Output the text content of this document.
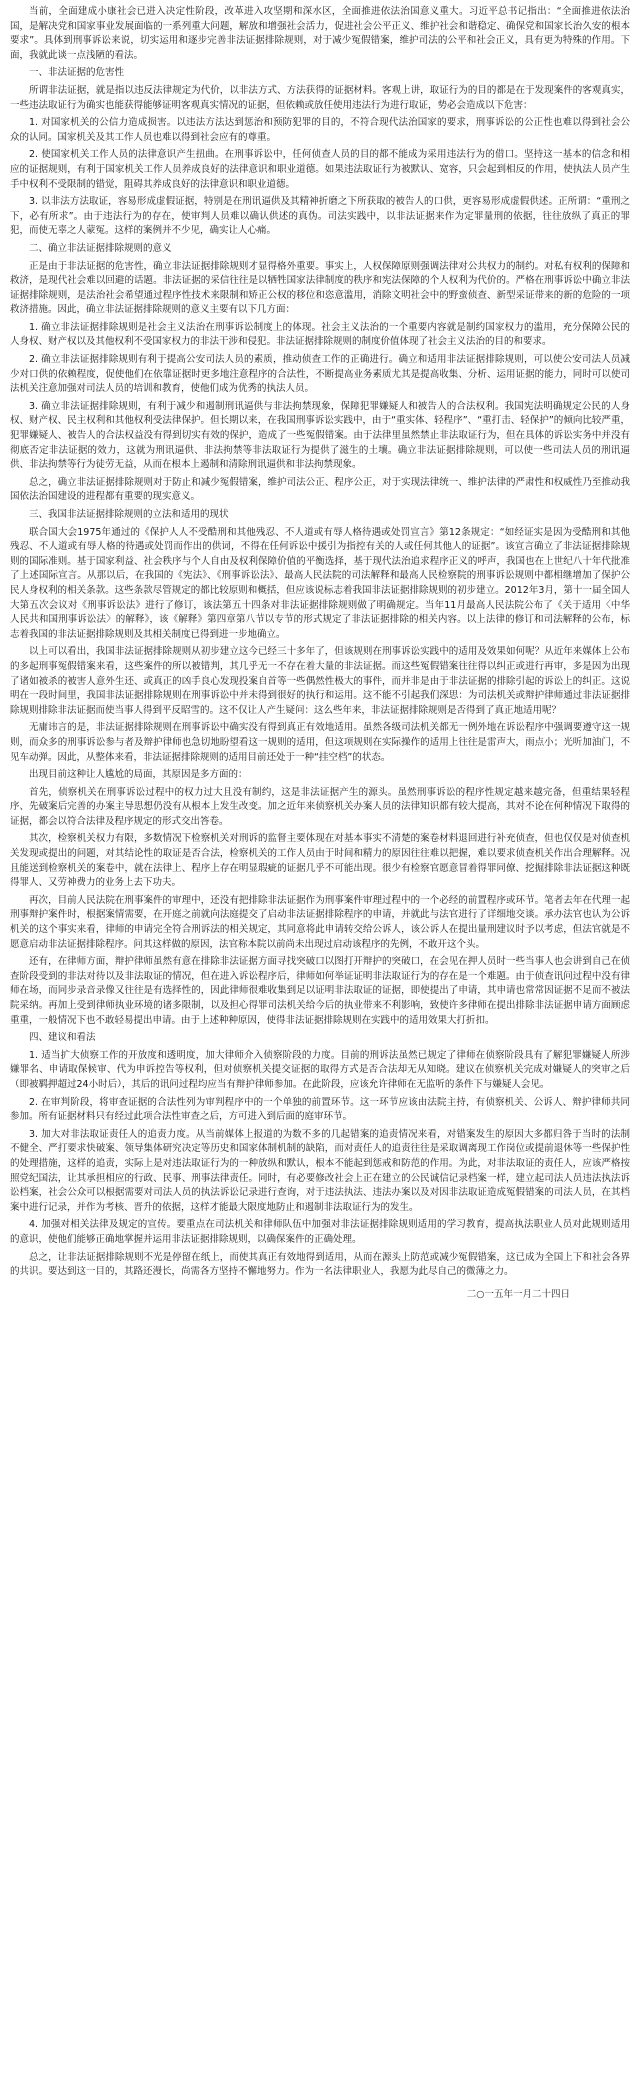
当前，全面建成小康社会已进入决定性阶段，改革进入攻坚期和深水区，全面推进依法治国意义重大。习近平总书记指出：“全面推进依法治国，是解决党和国家事业发展面临的一系列重大问题，解放和增强社会活力，促进社会公平正义、维护社会和谐稳定、确保党和国家长治久安的根本要求”。具体到刑事诉讼来说，切实运用和逐步完善非法证据排除规则，对于减少冤假错案，维护司法的公平和社会正义，具有更为特殊的作用。下面，我就此谈一点浅陋的看法。

一、非法证据的危害性

所谓非法证据，就是指以违反法律规定为代价，以非法方式、方法获得的证据材料。客观上讲，取证行为的目的都是在于发现案件的客观真实，一些违法取证行为确实也能获得能够证明客观真实情况的证据，但依赖或放任使用违法行为进行取证，势必会造成以下危害：

1. 对国家机关的公信力造成损害。以违法方法达到惩治和预防犯罪的目的，不符合现代法治国家的要求，刑事诉讼的公正性也难以得到社会公众的认同。国家机关及其工作人员也难以得到社会应有的尊重。

2. 使国家机关工作人员的法律意识产生扭曲。在刑事诉讼中，任何侦查人员的目的都不能成为采用违法行为的借口。坚持这一基本的信念和相应的证据规则，有利于国家机关工作人员养成良好的法律意识和职业道德。如果违法取证行为被默认、宽容，只会起到相反的作用，使执法人员产生手中权利不受限制的错觉，阻碍其养成良好的法律意识和职业道德。

3. 以非法方法取证，容易形成虚假证据，特别是在刑讯逼供及其精神折磨之下所获取的被告人的口供，更容易形成虚假供述。正所谓：“重刑之下，必有所求”。由于违法行为的存在，使审判人员难以确认供述的真伪。司法实践中，以非法证据来作为定罪量刑的依据，往往放纵了真正的罪犯，而使无辜之人蒙冤。这样的案例并不少见，确实让人心痛。

二、确立非法证据排除规则的意义

正是由于非法证据的危害性，确立非法证据排除规则才显得格外重要。事实上，人权保障原则强调法律对公共权力的制约。对私有权利的保障和救济，是现代社会难以回避的话题。非法证据的采信往往是以牺牲国家法律制度的秩序和宪法保障的个人权利为代价的。严格在刑事诉讼中确立非法证据排除规则，是法治社会希望通过程序性技术来限制和矫正公权的移位和恣意滥用，消除文明社会中的野蛮侦查、新型采证带来的新的危险的一项救济措施。因此，确立非法证据排除规则的意义主要有以下几方面：

1. 确立非法证据排除规则是社会主义法治在刑事诉讼制度上的体现。社会主义法治的一个重要内容就是制约国家权力的滥用，充分保障公民的人身权、财产权以及其他权利不受国家权力的非法干涉和侵犯。非法证据排除规则的制度价值体现了社会主义法治的目的和要求。

2. 确立非法证据排除规则有利于提高公安司法人员的素质，推动侦查工作的正确进行。确立和适用非法证据排除规则，可以使公安司法人员减少对口供的依赖程度，促使他们在依靠证据时更多地注意程序的合法性，不断提高业务素质尤其是提高收集、分析、运用证据的能力，同时可以使司法机关注意加强对司法人员的培训和教育，使他们成为优秀的执法人员。

3. 确立非法证据排除规则，有利于减少和遏制刑讯逼供与非法拘禁现象，保障犯罪嫌疑人和被告人的合法权利。我国宪法明确规定公民的人身权、财产权、民主权利和其他权利受法律保护。但长期以来，在我国刑事诉讼实践中，由于“重实体、轻程序”、“重打击、轻保护”的倾向比较严重，犯罪嫌疑人、被告人的合法权益没有得到切实有效的保护，造成了一些冤假错案。由于法律里虽然禁止非法取证行为，但在具体的诉讼实务中并没有彻底否定非法证据的效力，这就为刑讯逼供、非法拘禁等非法取证行为提供了滋生的土壤。确立非法证据排除规则，可以使一些司法人员的刑讯逼供、非法拘禁等行为徒劳无益，从而在根本上遏制和清除刑讯逼供和非法拘禁现象。

总之，确立非法证据排除规则对于防止和减少冤假错案，维护司法公正、程序公正，对于实现法律统一、维护法律的严肃性和权威性乃至推动我国依法治国建设的进程都有重要的现实意义。

三、我国非法证据排除规则的立法和适用的现状

联合国大会1975年通过的《保护人人不受酷刑和其他残忍、不人道或有辱人格待遇或处罚宣言》第12条规定：“如经证实是因为受酷刑和其他残忍、不人道或有辱人格的待遇或处罚而作出的供词，不得在任何诉讼中援引为指控有关的人或任何其他人的证据”。该宣言确立了非法证据排除规则的国际准则。基于国家利益、社会秩序与个人自由及权利保障价值的平衡选择，基于现代法治追求程序正义的呼声，我国也在上世纪八十年代批准了上述国际宣言。从那以后，在我国的《宪法》、《刑事诉讼法》、最高人民法院的司法解释和最高人民检察院的刑事诉讼规则中都相继增加了保护公民人身权利的相关条款。这些条款尽管规定的都比较原则和概括，但应该说标志着我国非法证据排除规则的初步建立。2012年3月，第十一届全国人大第五次会议对《刑事诉讼法》进行了修订，该法第五十四条对非法证据排除规则做了明确规定。当年11月最高人民法院公布了《关于适用〈中华人民共和国刑事诉讼法〉的解释》，该《解释》第四章第八节以专节的形式规定了非法证据排除的相关内容。以上法律的修订和司法解释的公布，标志着我国的非法证据排除规则及其相关制度已得到进一步地确立。

以上可以看出，我国非法证据排除规则从初步建立这今已经三十多年了，但该规则在刑事诉讼实践中的适用及效果如何呢？从近年来媒体上公布的多起刑事冤假错案来看，这些案件的所以被错判，其几乎无一不存在着大量的非法证据。而这些冤假错案往往得以纠正或进行再审，多是因为出现了诸如被杀的被害人意外生还、或真正的凶手良心发现投案自首等一些偶然性极大的事件，而并非是由于非法证据的排除引起的诉讼上的纠正。这说明在一段时间里，我国非法证据排除规则在刑事诉讼中并未得到很好的执行和运用。这不能不引起我们深思：为司法机关或辩护律师通过非法证据排除规则排除非法证据而使当事人得到平反昭雪的。这不仅让人产生疑问：这么些年来，非法证据排除规则是否得到了真正地适用呢？

无庸讳言的是，非法证据排除规则在刑事诉讼中确实没有得到真正有效地适用。虽然各级司法机关都无一例外地在诉讼程序中强调要遵守这一规则，而众多的刑事诉讼参与者及辩护律师也急切地盼望看这一规则的适用，但这项规则在实际操作的适用上往往是雷声大，雨点小；光听加油门，不见车动弹。因此，从整体来看，非法证据排除规则的适用目前还处于一种“挂空档”的状态。

出现目前这种让人尴尬的局面，其原因是多方面的：

首先，侦察机关在刑事诉讼过程中的权力过大且没有制约，这是非法证据产生的源头。虽然刑事诉讼的程序性规定越来越完备，但重结果轻程序、先破案后完善的办案主导思想仍没有从根本上发生改变。加之近年来侦察机关办案人员的法律知识都有较大提高，其对不论在何种情况下取得的证据，都会以符合法律及程序规定的形式交出答卷。

其次，检察机关权力有限，多数情况下检察机关对刑诉的监督主要体现在对基本事实不清楚的案卷材料退回进行补充侦查，但也仅仅是对侦查机关发现或提出的问题，对其结论性的取证是否合法，检察机关的工作人员由于时间和精力的原因往往难以把握，难以要求侦查机关作出合理解释。况且能送到检察机关的案卷中，就在法律上、程序上存在明显瑕疵的证据几乎不可能出现。很少有检察官愿意冒着得罪同僚、挖掘排除非法证据这种既得罪人、又劳神费力的业务上去下功夫。

再次，目前人民法院在刑事案件的审理中，还没有把排除非法证据作为刑事案件审理过程中的一个必经的前置程序或环节。笔者去年在代理一起刑事辩护案件时，根据案情需要，在开庭之前就向法庭提交了启动非法证据排除程序的申请，并就此与法官进行了详细地交谈。承办法官也认为公诉机关的这个事实来看，律师的申请完全符合刑诉法的相关规定，其同意将此申请转交给公诉人，该公诉人在提出量刑建议时予以考虑，但法官就是不愿意启动非法证据排除程序。问其这样做的原因，法官称本院以前尚未出现过启动该程序的先例，不敢开这个头。

还有，在律师方面，辩护律师虽然有意在排除非法证据方面寻找突破口以图打开辩护的突破口，在会见在押人员时一些当事人也会讲到自己在侦查阶段受到的非法对待以及非法取证的情况，但在进入诉讼程序后，律师如何举证证明非法取证行为的存在是一个难题。由于侦查讯问过程中没有律师在场，而同步录音录像又往往是有选择性的，因此律师很难收集到足以证明非法取证的证据，即使提出了申请，其申请也常常因证据不足而不被法院采纳。再加上受到律师执业环境的诸多限制，以及担心得罪司法机关给今后的执业带来不利影响，致使许多律师在提出排除非法证据申请方面顾虑重重，一般情况下也不敢轻易提出申请。由于上述种种原因，使得非法证据排除规则在实践中的适用效果大打折扣。

四、建议和看法

1. 适当扩大侦察工作的开放度和透明度，加大律师介入侦察阶段的力度。目前的刑诉法虽然已规定了律师在侦察阶段具有了解犯罪嫌疑人所涉嫌罪名、申请取保候审、代为申诉控告等权利，但对侦察机关提交证据的取得方式是否合法却无从知晓。建议在侦察机关完成对嫌疑人的突审之后（即被羁押超过24小时后），其后的讯问过程均应当有辩护律师参加。在此阶段，应该允许律师在无监听的条件下与嫌疑人会见。

2. 在审判阶段，将审查证据的合法性列为审判程序中的一个单独的前置环节。这一环节应该由法院主持，有侦察机关、公诉人、辩护律师共同参加。所有证据材料只有经过此项合法性审查之后，方可进入到后面的庭审环节。

3. 加大对非法取证责任人的追责力度。从当前媒体上报道的为数不多的几起错案的追责情况来看，对错案发生的原因大多都归咎于当时的法制不健全、严打要求快破案、领导集体研究决定等历史和国家体制机制的缺陷，而对责任人的追责往往是采取调离现工作岗位或提前退休等一些保护性的处理措施，这样的追责，实际上是对违法取证行为的一种放纵和默认，根本不能起到惩戒和防范的作用。为此，对非法取证的责任人，应该严格按照党纪国法，让其承担相应的行政、民事、刑事法律责任。同时，有必要修改社会上正在建立的公民诚信记录档案一样，建立起司法人员违法执法诉讼档案，社会公众可以根据需要对司法人员的执法诉讼记录进行查询，对于违法执法、违法办案以及对因非法取证造成冤假错案的司法人员，在其档案中进行记录，并作为考核、晋升的依据，这样才能最大限度地防止和遏制非法取证行为的发生。

4. 加强对相关法律及规定的宣传。要重点在司法机关和律师队伍中加强对非法证据排除规则适用的学习教育，提高执法职业人员对此规则适用的意识，使他们能够正确地掌握并运用非法证据排除规则，以确保案件的正确处理。

总之，让非法证据排除规则不光是停留在纸上，而使其真正有效地得到适用，从而在源头上防范或减少冤假错案，这已成为全国上下和社会各界的共识。要达到这一目的，其路还漫长，尚需各方坚持不懈地努力。作为一名法律职业人，我愿为此尽自己的微薄之力。

二○一五年一月二十四日
